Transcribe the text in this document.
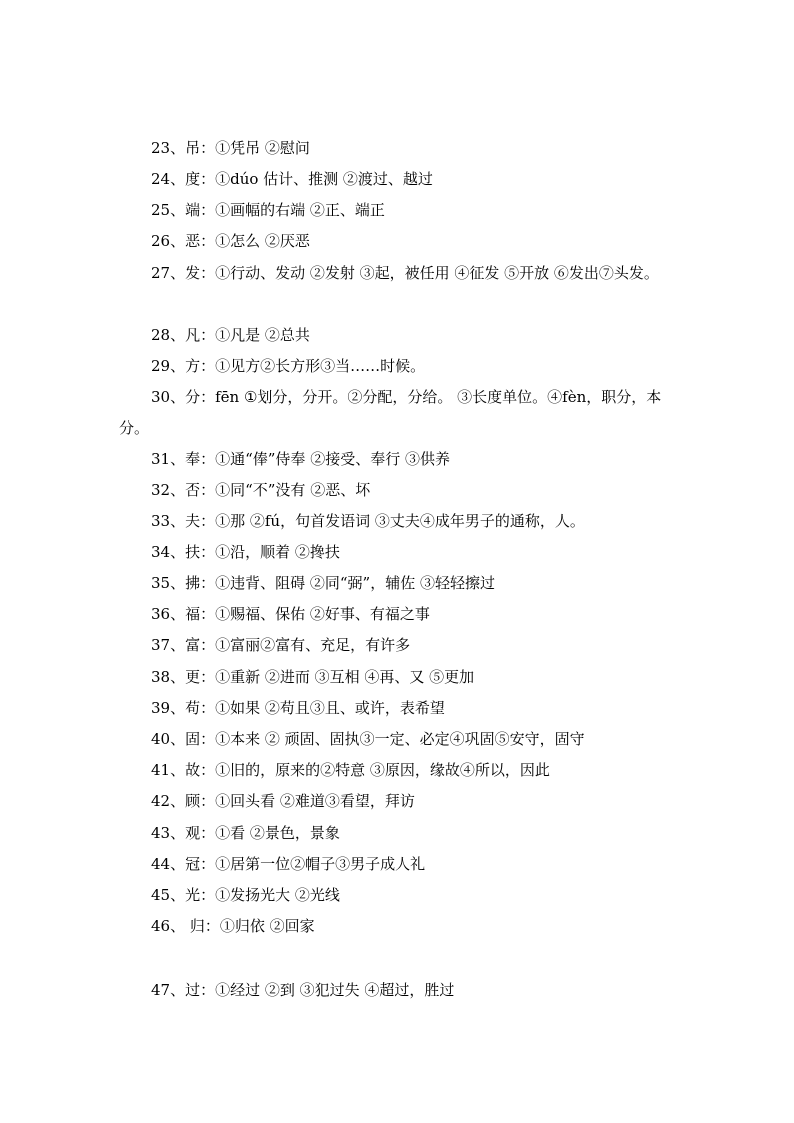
23、吊：①凭吊 ②慰问
24、度：①dúo 估计、推测 ②渡过、越过
25、端：①画幅的右端 ②正、端正
26、恶：①怎么 ②厌恶
27、发：①行动、发动 ②发射 ③起，被任用 ④征发 ⑤开放 ⑥发出⑦头发。
28、凡：①凡是 ②总共
29、方：①见方②长方形③当……时候。
30、分：fēn ①划分，分开。②分配，分给。 ③长度单位。④fèn，职分，本分。
31、奉：①通“俸”侍奉 ②接受、奉行 ③供养
32、否：①同“不”没有 ②恶、坏
33、夫：①那 ②fú，句首发语词 ③丈夫④成年男子的通称，人。
34、扶：①沿，顺着 ②搀扶
35、拂：①违背、阻碍 ②同“弼”，辅佐 ③轻轻擦过
36、福：①赐福、保佑 ②好事、有福之事
37、富：①富丽②富有、充足，有许多
38、更：①重新 ②进而 ③互相 ④再、又 ⑤更加
39、苟：①如果 ②苟且③且、或许，表希望
40、固：①本来 ② 顽固、固执③一定、必定④巩固⑤安守，固守
41、故：①旧的，原来的②特意 ③原因，缘故④所以，因此
42、顾：①回头看 ②难道③看望，拜访
43、观：①看 ②景色，景象
44、冠：①居第一位②帽子③男子成人礼
45、光：①发扬光大 ②光线
46、 归：①归依 ②回家
47、过：①经过 ②到 ③犯过失 ④超过，胜过
